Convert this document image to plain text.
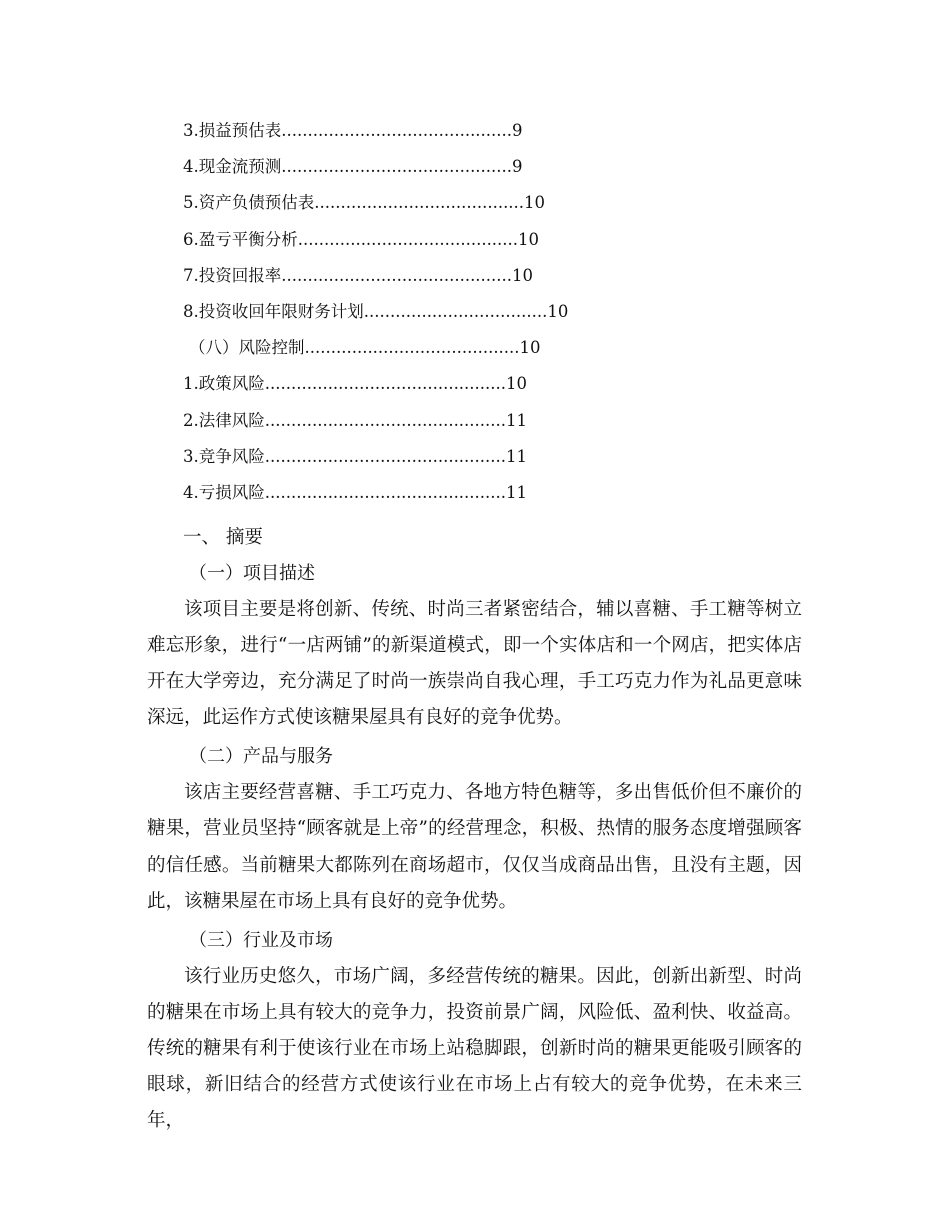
3.损益预估表............................................9
4.现金流预测............................................9
5.资产负债预估表........................................10
6.盈亏平衡分析..........................................10
7.投资回报率............................................10
8.投资收回年限财务计划...................................10
（八）风险控制.........................................10
1.政策风险..............................................10
2.法律风险..............................................11
3.竞争风险..............................................11
4.亏损风险..............................................11
一、 摘要
（一）项目描述

该项目主要是将创新、传统、时尚三者紧密结合，辅以喜糖、手工糖等树立难忘形象，进行“一店两铺”的新渠道模式，即一个实体店和一个网店，把实体店开在大学旁边，充分满足了时尚一族崇尚自我心理，手工巧克力作为礼品更意味深远，此运作方式使该糖果屋具有良好的竞争优势。

（二）产品与服务

该店主要经营喜糖、手工巧克力、各地方特色糖等，多出售低价但不廉价的糖果，营业员坚持“顾客就是上帝”的经营理念，积极、热情的服务态度增强顾客的信任感。当前糖果大都陈列在商场超市，仅仅当成商品出售，且没有主题，因此，该糖果屋在市场上具有良好的竞争优势。

（三）行业及市场

该行业历史悠久，市场广阔，多经营传统的糖果。因此，创新出新型、时尚的糖果在市场上具有较大的竞争力，投资前景广阔，风险低、盈利快、收益高。传统的糖果有利于使该行业在市场上站稳脚跟，创新时尚的糖果更能吸引顾客的眼球，新旧结合的经营方式使该行业在市场上占有较大的竞争优势，在未来三年，
